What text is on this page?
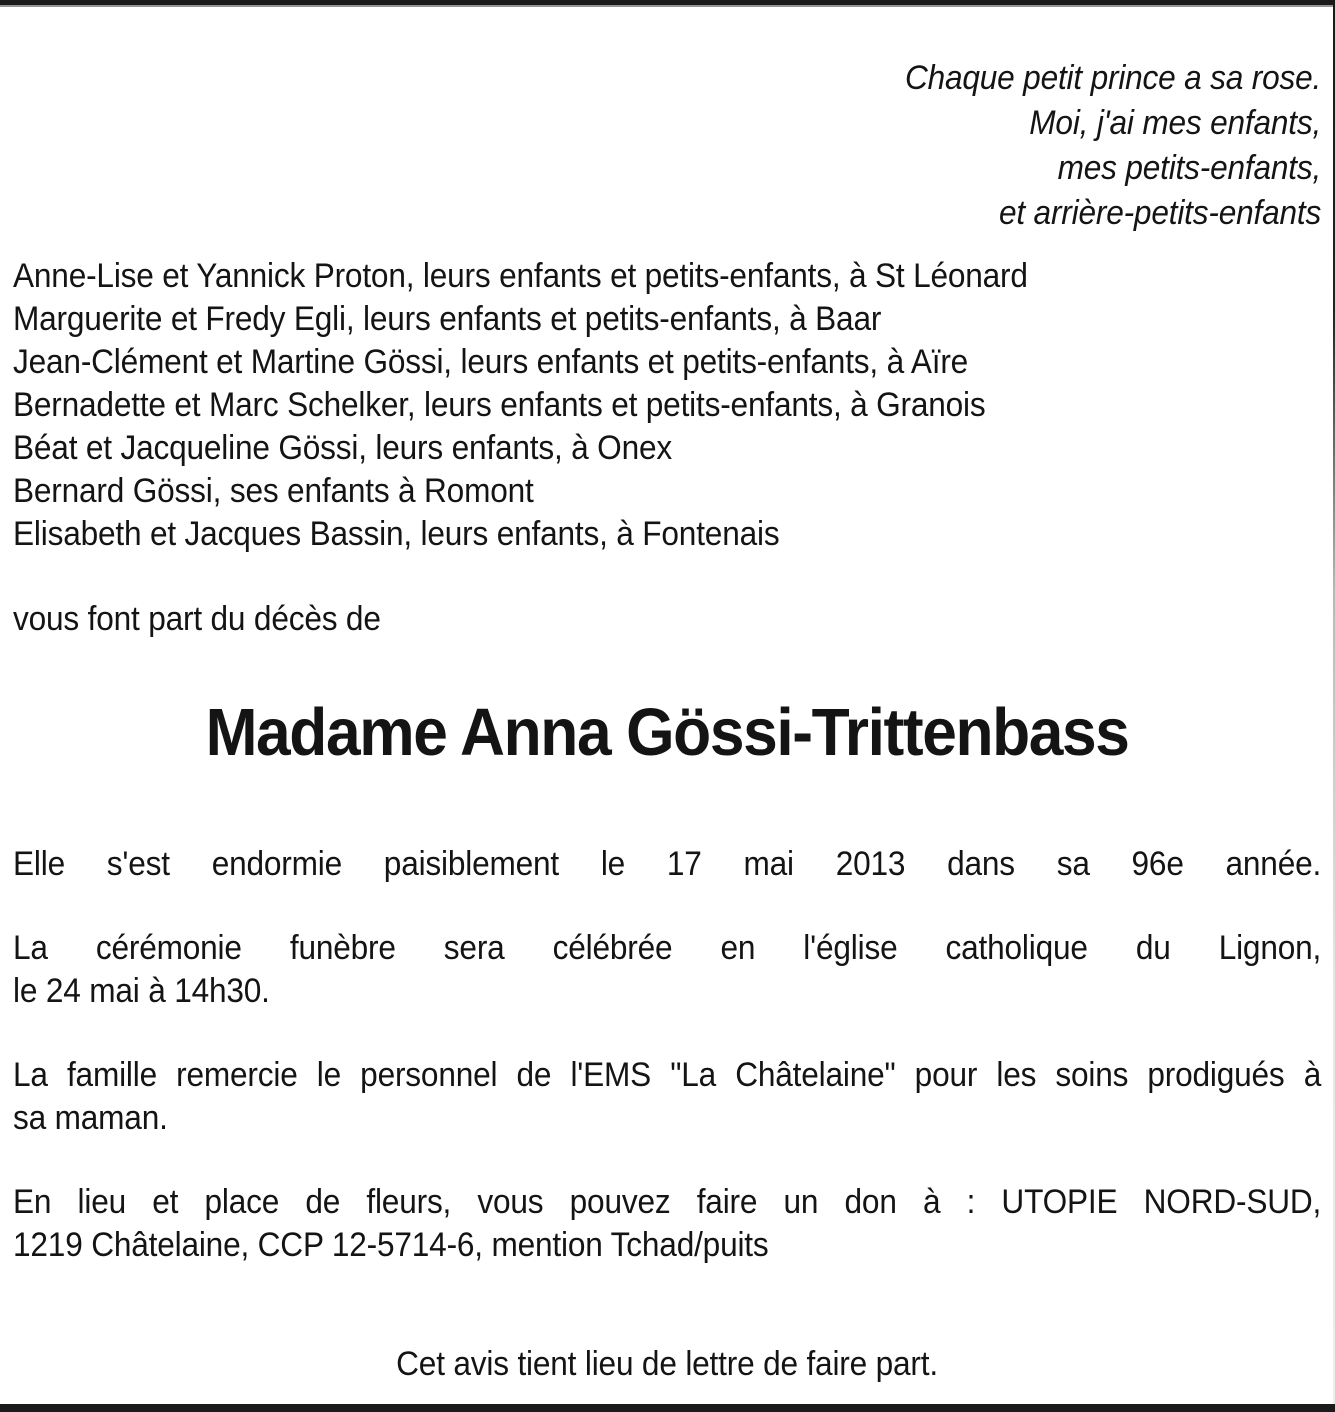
Chaque petit prince a sa rose.
Moi, j'ai mes enfants,
mes petits-enfants,
et arrière-petits-enfants
Anne-Lise et Yannick Proton, leurs enfants et petits-enfants, à St Léonard
Marguerite et Fredy Egli, leurs enfants et petits-enfants, à Baar
Jean-Clément et Martine Gössi, leurs enfants et petits-enfants, à Aïre
Bernadette et Marc Schelker, leurs enfants et petits-enfants, à Granois
Béat et Jacqueline Gössi, leurs enfants, à Onex
Bernard Gössi, ses enfants à Romont
Elisabeth et Jacques Bassin, leurs enfants, à Fontenais

vous font part du décès de

Madame Anna Gössi-Trittenbass
Elle s'est endormie paisiblement le 17 mai 2013 dans sa 96e année.
La cérémonie funèbre sera célébrée en l'église catholique du Lignon,
le 24 mai à 14h30.
La famille remercie le personnel de l'EMS "La Châtelaine" pour les soins prodigués à
sa maman.
En lieu et place de fleurs, vous pouvez faire un don à : UTOPIE NORD-SUD,
1219 Châtelaine, CCP 12-5714-6, mention Tchad/puits

Cet avis tient lieu de lettre de faire part.
